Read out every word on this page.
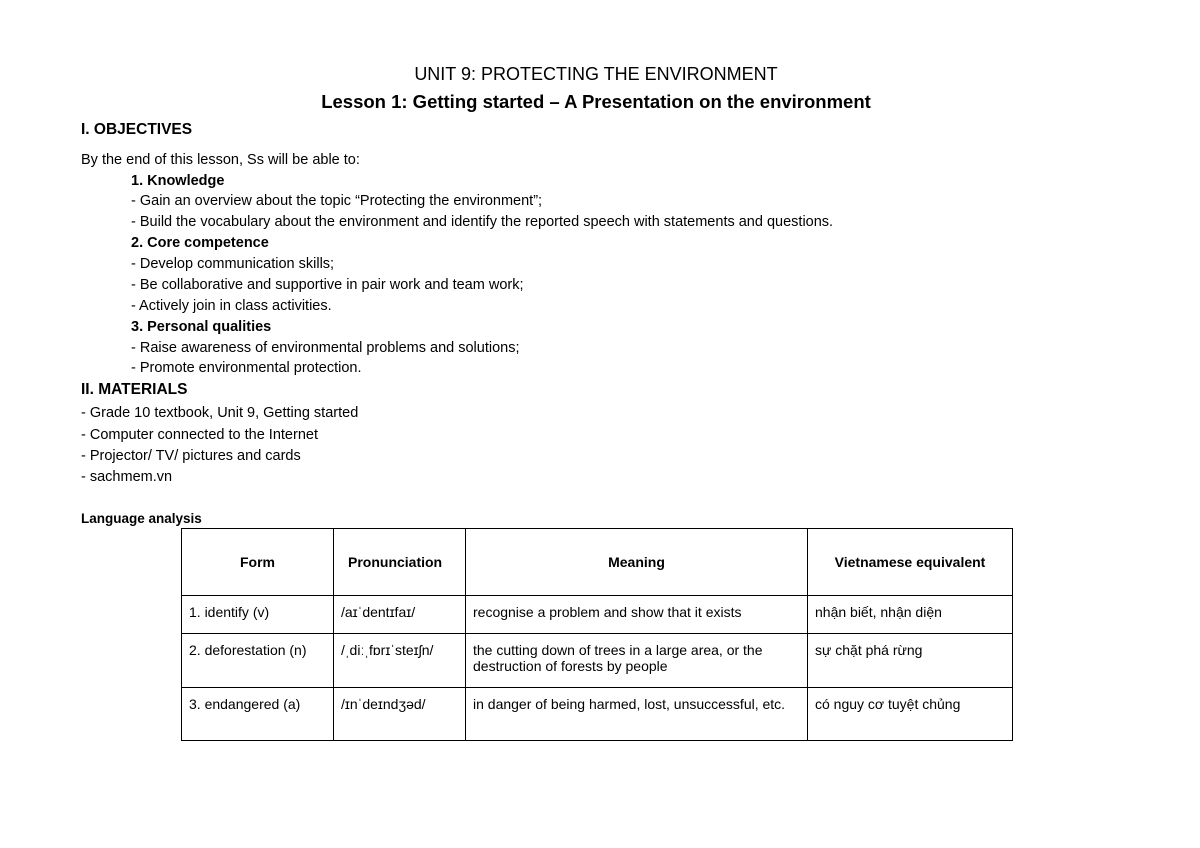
UNIT 9: PROTECTING THE ENVIRONMENT
Lesson 1: Getting started – A Presentation on the environment
I. OBJECTIVES
By the end of this lesson, Ss will be able to:
1. Knowledge
- Gain an overview about the topic “Protecting the environment”;
- Build the vocabulary about the environment and identify the reported speech with statements and questions.
2. Core competence
- Develop communication skills;
- Be collaborative and supportive in pair work and team work;
- Actively join in class activities.
3. Personal qualities
- Raise awareness of environmental problems and solutions;
- Promote environmental protection.
II. MATERIALS
- Grade 10 textbook, Unit 9, Getting started
- Computer connected to the Internet
- Projector/ TV/ pictures and cards
- sachmem.vn
Language analysis
Form	Pronunciation	Meaning	Vietnamese equivalent
1. identify (v)	/aɪˈdentɪfaɪ/	recognise a problem and show that it exists	nhận biết, nhận diện
2. deforestation (n)	/ˌdiːˌfɒrɪˈsteɪʃn/	the cutting down of trees in a large area, or the destruction of forests by people	sự chặt phá rừng
3. endangered (a)	/ɪnˈdeɪndʒəd/	in danger of being harmed, lost, unsuccessful, etc.	có nguy cơ tuyệt chủng
